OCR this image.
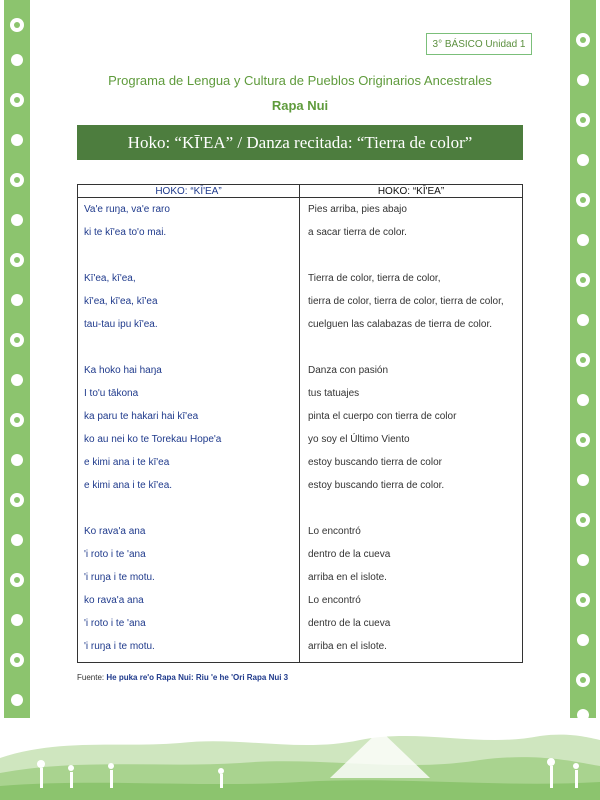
3° BÁSICO Unidad 1
Programa de Lengua y Cultura de Pueblos Originarios Ancestrales
Rapa Nui
Hoko: “KĪ'EA” / Danza recitada: “Tierra de color”
HOKO: “KĪ'EA”	HOKO: “KĪ'EA”
Va'e ruŋa, va'e raro	Pies arriba, pies abajo
ki te kī'ea to'o mai.	a sacar tierra de color.

Kī'ea, kī'ea,	Tierra de color, tierra de color,
kī'ea, kī'ea, kī'ea	tierra de color, tierra de color, tierra de color,
tau-tau ipu kī'ea.	cuelguen las calabazas de tierra de color.

Ka hoko hai haŋa	Danza con pasión
I to'u tākona	tus tatuajes
ka paru te hakari hai kī'ea	pinta el cuerpo con tierra de color
ko au nei ko te Torekau Hope'a	yo soy el Último Viento
e kimi ana i te kī'ea	estoy buscando tierra de color
e kimi ana i te kī'ea.	estoy buscando tierra de color.

Ko rava'a ana	Lo encontró
'i roto i te 'ana	dentro de la cueva
'i ruŋa i te motu.	arriba en el islote.
ko rava'a ana	Lo encontró
'i roto i te 'ana	dentro de la cueva
'i ruŋa i te motu.	arriba en el islote.
Fuente: He puka re'o Rapa Nui: Riu 'e he 'Ori Rapa Nui 3
